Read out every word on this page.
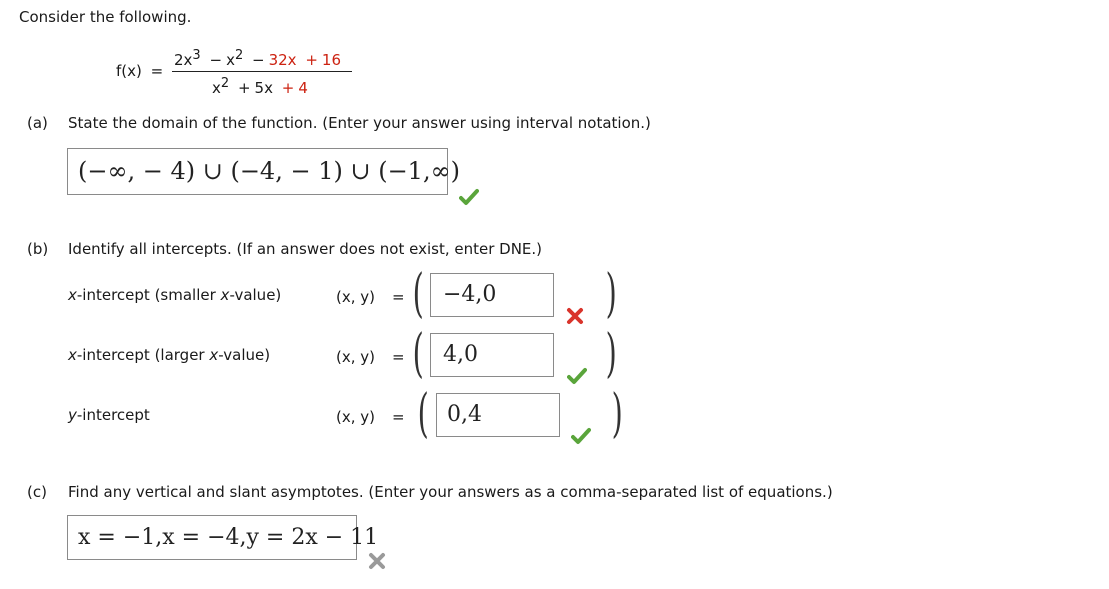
Consider the following.
f(x) =
$2x^3 - x^2 - 32x + 16$
$x^2 + 5x + 4$
(a) State the domain of the function. (Enter your answer using interval notation.)
(−∞, − 4) ∪ (−4, − 1) ∪ (−1,∞)
(b) Identify all intercepts. (If an answer does not exist, enter DNE.)
x-intercept (smaller x-value)	(x, y) = ( −4,0	)
x-intercept (larger x-value)	(x, y) = ( 4,0	)
y-intercept	(x, y) = ( 0,4	)
(c) Find any vertical and slant asymptotes. (Enter your answers as a comma-separated list of equations.)
x = −1,x = −4,y = 2x − 11
